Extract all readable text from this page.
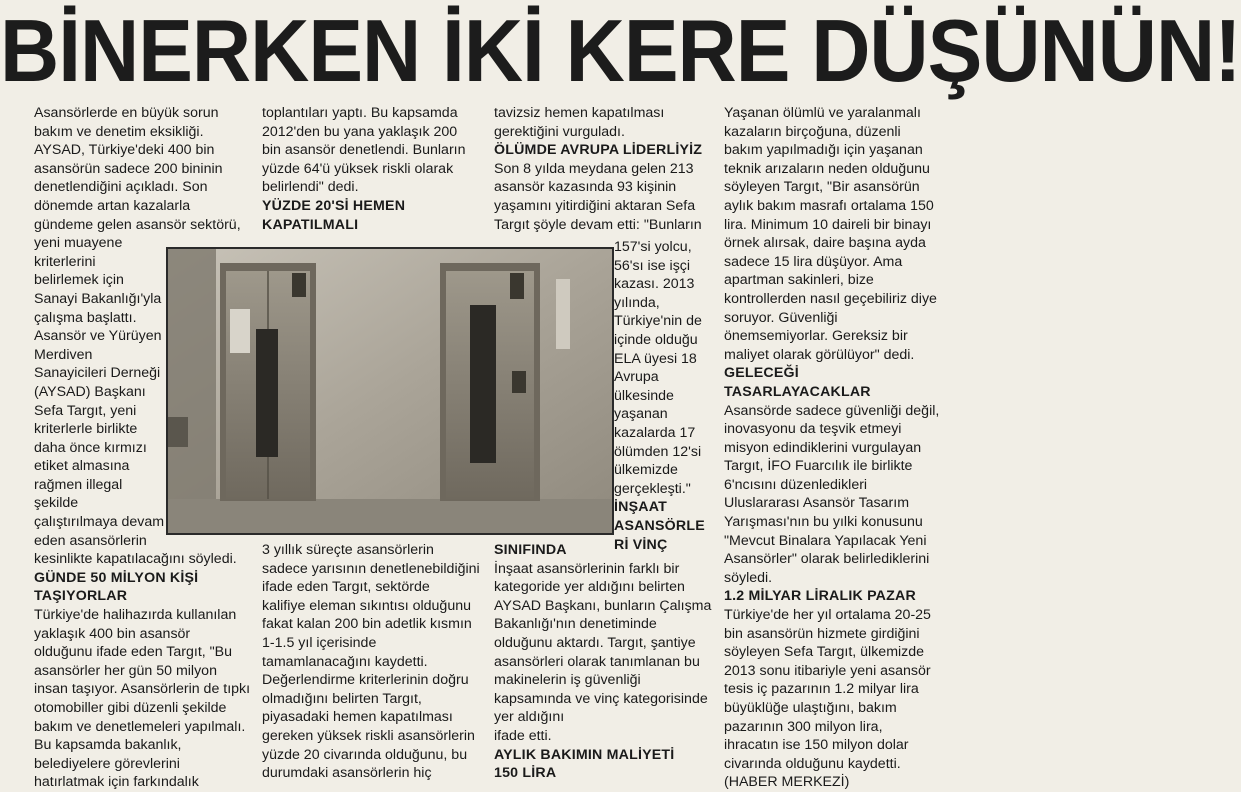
BİNERKEN İKİ KERE DÜŞÜNÜN!
Asansörlerde en büyük sorun
bakım ve denetim eksikliği.
AYSAD, Türkiye'deki 400 bin
asansörün sadece 200 bininin
denetlendiğini açıkladı. Son
dönemde artan kazalarla
gündeme gelen asansör sektörü,
yeni muayene
kriterlerini
belirlemek için
Sanayi Bakanlığı'yla
çalışma başlattı.
Asansör ve Yürüyen
Merdiven
Sanayicileri Derneği
(AYSAD) Başkanı
Sefa Targıt, yeni
kriterlerle birlikte
daha önce kırmızı
etiket almasına
rağmen illegal
şekilde
çalıştırılmaya devam
eden asansörlerin
kesinlikte kapatılacağını söyledi.
GÜNDE 50 MİLYON KİŞİ
TAŞIYORLAR
Türkiye'de halihazırda kullanılan
yaklaşık 400 bin asansör
olduğunu ifade eden Targıt, "Bu
asansörler her gün 50 milyon
insan taşıyor. Asansörlerin de tıpkı
otomobiller gibi düzenli şekilde
bakım ve denetlemeleri yapılmalı.
Bu kapsamda bakanlık,
belediyelere görevlerini
hatırlatmak için farkındalık
toplantıları yaptı. Bu kapsamda
2012'den bu yana yaklaşık 200
bin asansör denetlendi. Bunların
yüzde 64'ü yüksek riskli olarak
belirlendi" dedi.
YÜZDE 20'Sİ HEMEN
KAPATILMALI
3 yıllık süreçte asansörlerin
sadece yarısının denetlenebildiğini
ifade eden Targıt, sektörde
kalifiye eleman sıkıntısı olduğunu
fakat kalan 200 bin adetlik kısmın
1-1.5 yıl içerisinde
tamamlanacağını kaydetti.
Değerlendirme kriterlerinin doğru
olmadığını belirten Targıt,
piyasadaki hemen kapatılması
gereken yüksek riskli asansörlerin
yüzde 20 civarında olduğunu, bu
durumdaki asansörlerin hiç
tavizsiz hemen kapatılması
gerektiğini vurguladı.
ÖLÜMDE AVRUPA LİDERLİYİZ
Son 8 yılda meydana gelen 213
asansör kazasında 93 kişinin
yaşamını yitirdiğini aktaran Sefa
Targıt şöyle devam etti: "Bunların
157'si yolcu,
56'sı ise işçi
kazası. 2013
yılında,
Türkiye'nin de
içinde olduğu
ELA üyesi 18
Avrupa
ülkesinde
yaşanan
kazalarda 17
ölümden 12'si
ülkemizde
gerçekleşti."
İNŞAAT
ASANSÖRLE
Rİ VİNÇ
SINIFINDA
İnşaat asansörlerinin farklı bir
kategoride yer aldığını belirten
AYSAD Başkanı, bunların Çalışma
Bakanlığı'nın denetiminde
olduğunu aktardı. Targıt, şantiye
asansörleri olarak tanımlanan bu
makinelerin iş güvenliği
kapsamında ve vinç kategorisinde
yer aldığını
ifade etti.
AYLIK BAKIMIN MALİYETİ
150 LİRA
Yaşanan ölümlü ve yaralanmalı
kazaların birçoğuna, düzenli
bakım yapılmadığı için yaşanan
teknik arızaların neden olduğunu
söyleyen Targıt, "Bir asansörün
aylık bakım masrafı ortalama 150
lira. Minimum 10 daireli bir binayı
örnek alırsak, daire başına ayda
sadece 15 lira düşüyor. Ama
apartman sakinleri, bize
kontrollerden nasıl geçebiliriz diye
soruyor. Güvenliği
önemsemiyorlar. Gereksiz bir
maliyet olarak görülüyor" dedi.
GELECEĞİ
TASARLAYACAKLAR
Asansörde sadece güvenliği değil,
inovasyonu da teşvik etmeyi
misyon edindiklerini vurgulayan
Targıt, İFO Fuarcılık ile birlikte
6'ncısını düzenledikleri
Uluslararası Asansör Tasarım
Yarışması'nın bu yılki konusunu
"Mevcut Binalara Yapılacak Yeni
Asansörler" olarak belirlediklerini
söyledi.
1.2 MİLYAR LİRALIK PAZAR
Türkiye'de her yıl ortalama 20-25
bin asansörün hizmete girdiğini
söyleyen Sefa Targıt, ülkemizde
2013 sonu itibariyle yeni asansör
tesis iç pazarının 1.2 milyar lira
büyüklüğe ulaştığını, bakım
pazarının 300 milyon lira,
ihracatın ise 150 milyon dolar
civarında olduğunu kaydetti.
(HABER MERKEZİ)
